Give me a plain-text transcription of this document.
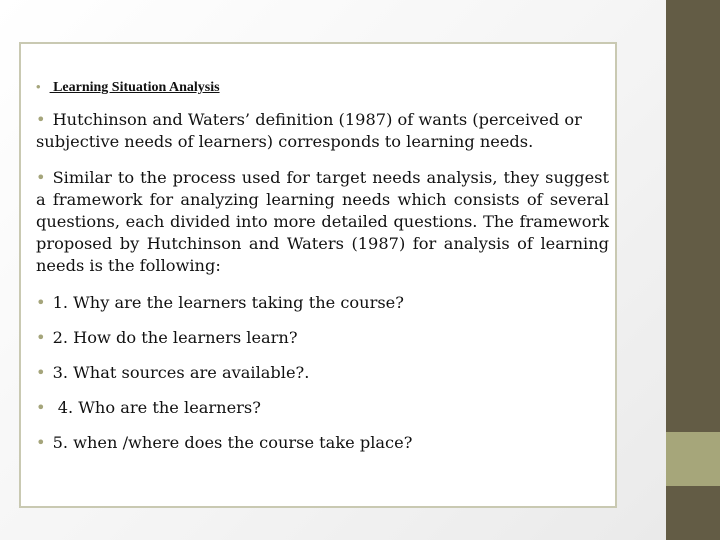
• Learning Situation Analysis
• Hutchinson and Waters’ definition (1987) of wants (perceived or subjective needs of learners) corresponds to learning needs.
• Similar to the process used for target needs analysis, they suggest a framework for analyzing learning needs which consists of several questions, each divided into more detailed questions. The framework proposed by Hutchinson and Waters (1987) for analysis of learning needs is the following:
• 1. Why are the learners taking the course?
• 2. How do the learners learn?
• 3. What sources are available?.
• 4. Who are the learners?
• 5. when /where does the course take place?
